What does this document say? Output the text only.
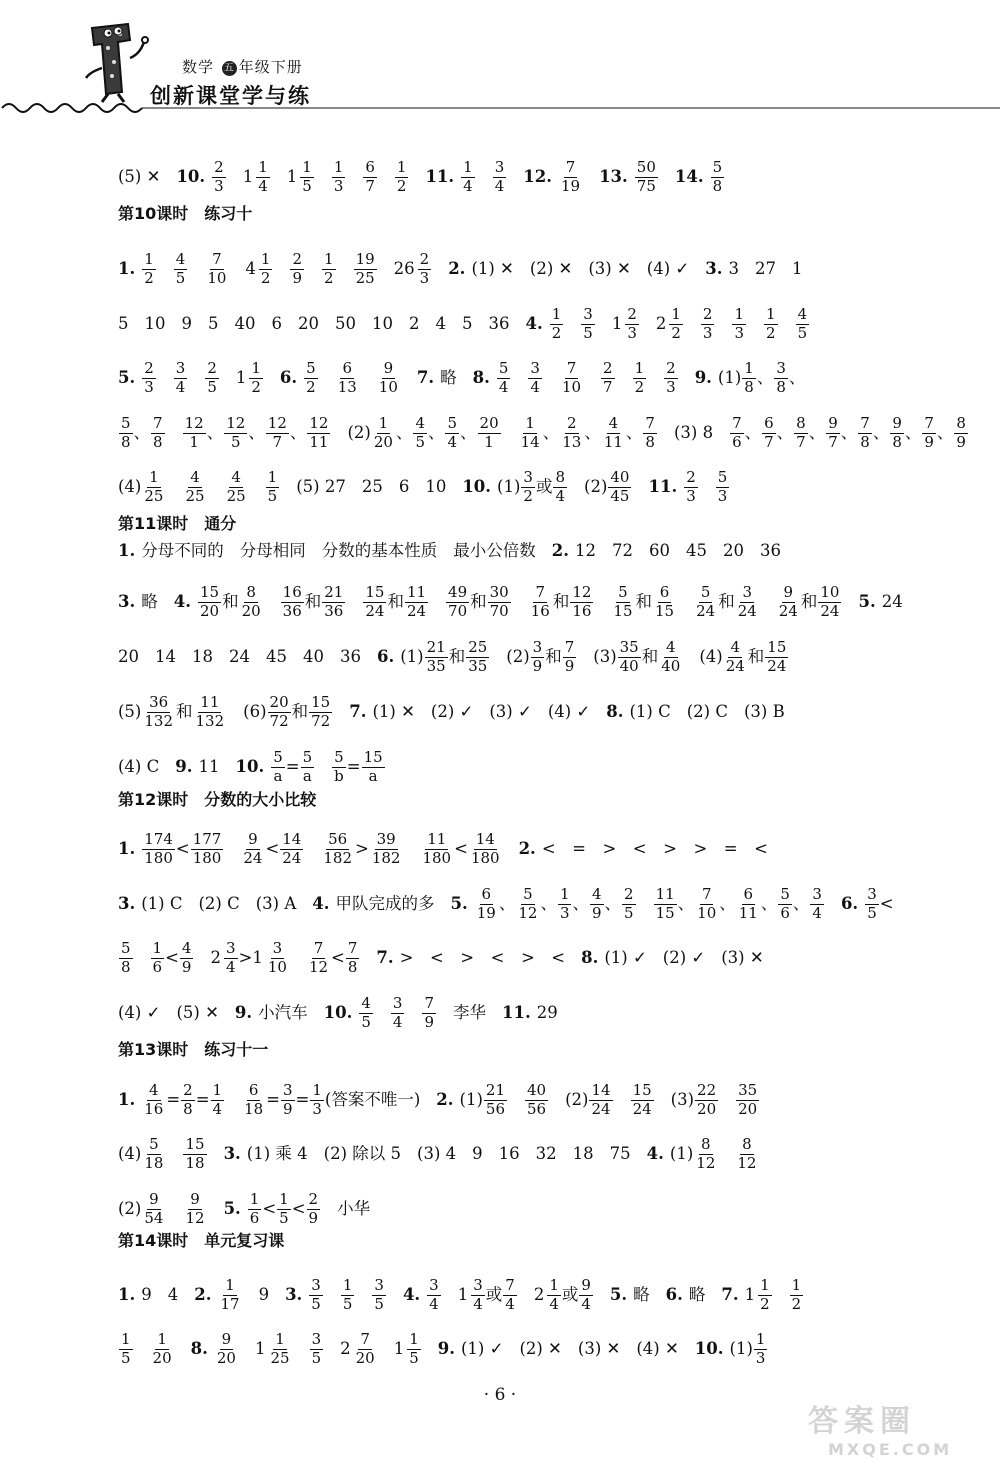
数学 五 年级下册
创新课堂学与练
(5) ✕ 10. $\frac{2}{3} 1 \frac{1}{4} 1 \frac{1}{5} \frac{1}{3} \frac{6}{7} \frac{1}{2} 11$. $\frac{1}{4} \frac{3}{4} 12$. $\frac{7}{19} 13$. $\frac{50}{75} 14$. $\frac{5}{8}$
第10课时　练习十
1. $\frac{1}{2} \frac{4}{5} \frac{7}{10} 4 \frac{1}{2} \frac{2}{9} \frac{1}{2} \frac{19}{25} 26 \frac{2}{3} 2$. (1) ✕ (2) ✕ (3) ✕ (4) ✓ 3. 3 27 1
5 10 9 5 40 6 20 50 10 2 4 5 36 4. $\frac{1}{2} \frac{3}{5} 1 \frac{2}{3} 2 \frac{1}{2} \frac{2}{3} \frac{1}{3} \frac{1}{2} \frac{4}{5}$
5. $\frac{2}{3} \frac{3}{4} \frac{2}{5} 1 \frac{1}{2} 6$. $\frac{5}{2} \frac{6}{13} \frac{9}{10} 7$. 略 8. $\frac{5}{4} \frac{3}{4} \frac{7}{10} \frac{2}{7} \frac{1}{2} \frac{2}{3} 9$. $(1) \frac{1}{8}$ 、 $\frac{3}{8}$ 、
$\frac{5}{8}$ 、 $\frac{7}{8} \frac{12}{1}$ 、 $\frac{12}{5}$ 、 $\frac{12}{7}$ 、 $\frac{12}{11} (2) \frac{1}{20}$ 、 $\frac{4}{5}$ 、 $\frac{5}{4}$ 、 $\frac{20}{1} \frac{1}{14}$ 、 $\frac{2}{13}$ 、 $\frac{4}{11}$ 、 $\frac{7}{8} (3)$ $8 \frac{7}{6}$ 、 $\frac{6}{7}$ 、 $\frac{8}{7}$ 、 $\frac{9}{7}$ 、 $\frac{7}{8}$ 、 $\frac{9}{8}$ 、 $\frac{7}{9}$ 、 $\frac{8}{9}$
$(4) \frac{1}{25} \frac{4}{25} \frac{4}{25} \frac{1}{5} (5)$ 27 25 6 10 10. $(1) \frac{3}{2}$ 或 $\frac{8}{4} (2) \frac{40}{45} 11$. $\frac{2}{3} \frac{5}{3}$
第11课时　通分
1. 分母不同的 分母相同 分数的基本性质 最小公倍数 2. 12 72 60 45 20 36
3. 略 4. $\frac{15}{20}$ 和 $\frac{8}{20} \frac{16}{36}$ 和 $\frac{21}{36} \frac{15}{24}$ 和 $\frac{11}{24} \frac{49}{70}$ 和 $\frac{30}{70} \frac{7}{16}$ 和 $\frac{12}{16} \frac{5}{15}$ 和 $\frac{6}{15} \frac{5}{24}$ 和 $\frac{3}{24} \frac{9}{24}$ 和 $\frac{10}{24} 5$. 24
20 14 18 24 45 40 36 6. $(1) \frac{21}{35}$ 和 $\frac{25}{35} (2) \frac{3}{9}$ 和 $\frac{7}{9} (3) \frac{35}{40}$ 和 $\frac{4}{40} (4) \frac{4}{24}$ 和 $\frac{15}{24}$
$(5) \frac{36}{132}$ 和 $\frac{11}{132} (6) \frac{20}{72}$ 和 $\frac{15}{72} 7$. (1) ✕ (2) ✓ (3) ✓ (4) ✓ 8. (1) C (2) C (3) B
(4) C 9. 11 10. $\frac{5}{a} = \frac{5}{a} \frac{5}{b} = \frac{15}{a}$
第12课时　分数的大小比较
1. $\frac{174}{180} < \frac{177}{180} \frac{9}{24} < \frac{14}{24} \frac{56}{182} > \frac{39}{182} \frac{11}{180} < \frac{14}{180} 2$. <　=　>　<　>　>　=　<
3. (1) C (2) C (3) A 4. 甲队完成的多 5. $\frac{6}{19}$ 、 $\frac{5}{12}$ 、 $\frac{1}{3}$ 、 $\frac{4}{9}$ 、 $\frac{2}{5} \frac{11}{15}$ 、 $\frac{7}{10}$ 、 $\frac{6}{11}$ 、 $\frac{5}{6}$ 、 $\frac{3}{4} 6$. $\frac{3}{5}$ <
$\frac{5}{8} \frac{1}{6} < \frac{4}{9} 2 \frac{3}{4} > 1 \frac{3}{10} \frac{7}{12} < \frac{7}{8} 7$. >　<　>　<　>　< 8. (1) ✓ (2) ✓ (3) ✕
(4) ✓ (5) ✕ 9. 小汽车 10. $\frac{4}{5} \frac{3}{4} \frac{7}{9}$ 李华 11. 29
第13课时　练习十一
1. $\frac{4}{16} = \frac{2}{8} = \frac{1}{4} \frac{6}{18} = \frac{3}{9} = \frac{1}{3}$ (答案不唯一) 2. $(1) \frac{21}{56} \frac{40}{56} (2) \frac{14}{24} \frac{15}{24} (3) \frac{22}{20} \frac{35}{20}$
$(4) \frac{5}{18} \frac{15}{18} 3$. (1) 乘 4 (2) 除以 5 (3) 4 9 16 32 18 75 4. $(1) \frac{8}{12} \frac{8}{12}$
$(2) \frac{9}{54} \frac{9}{12} 5$. $\frac{1}{6} < \frac{1}{5} < \frac{2}{9}$ 小华
第14课时　单元复习课
1. 9 4 2. $\frac{1}{17} 9$ 3. $\frac{3}{5} \frac{1}{5} \frac{3}{5} 4$. $\frac{3}{4} 1 \frac{3}{4}$ 或 $\frac{7}{4} 2 \frac{1}{4}$ 或 $\frac{9}{4} 5$. 略 6. 略 7. $1 \frac{1}{2} \frac{1}{2}$
$\frac{1}{5} \frac{1}{20} 8$. $\frac{9}{20} 1 \frac{1}{25} \frac{3}{5} 2 \frac{7}{20} 1 \frac{1}{5} 9$. (1) ✓ (2) ✕ (3) ✕ (4) ✕ 10. $(1) \frac{1}{3}$
· 6 ·
答案圈
MXQE.COM
